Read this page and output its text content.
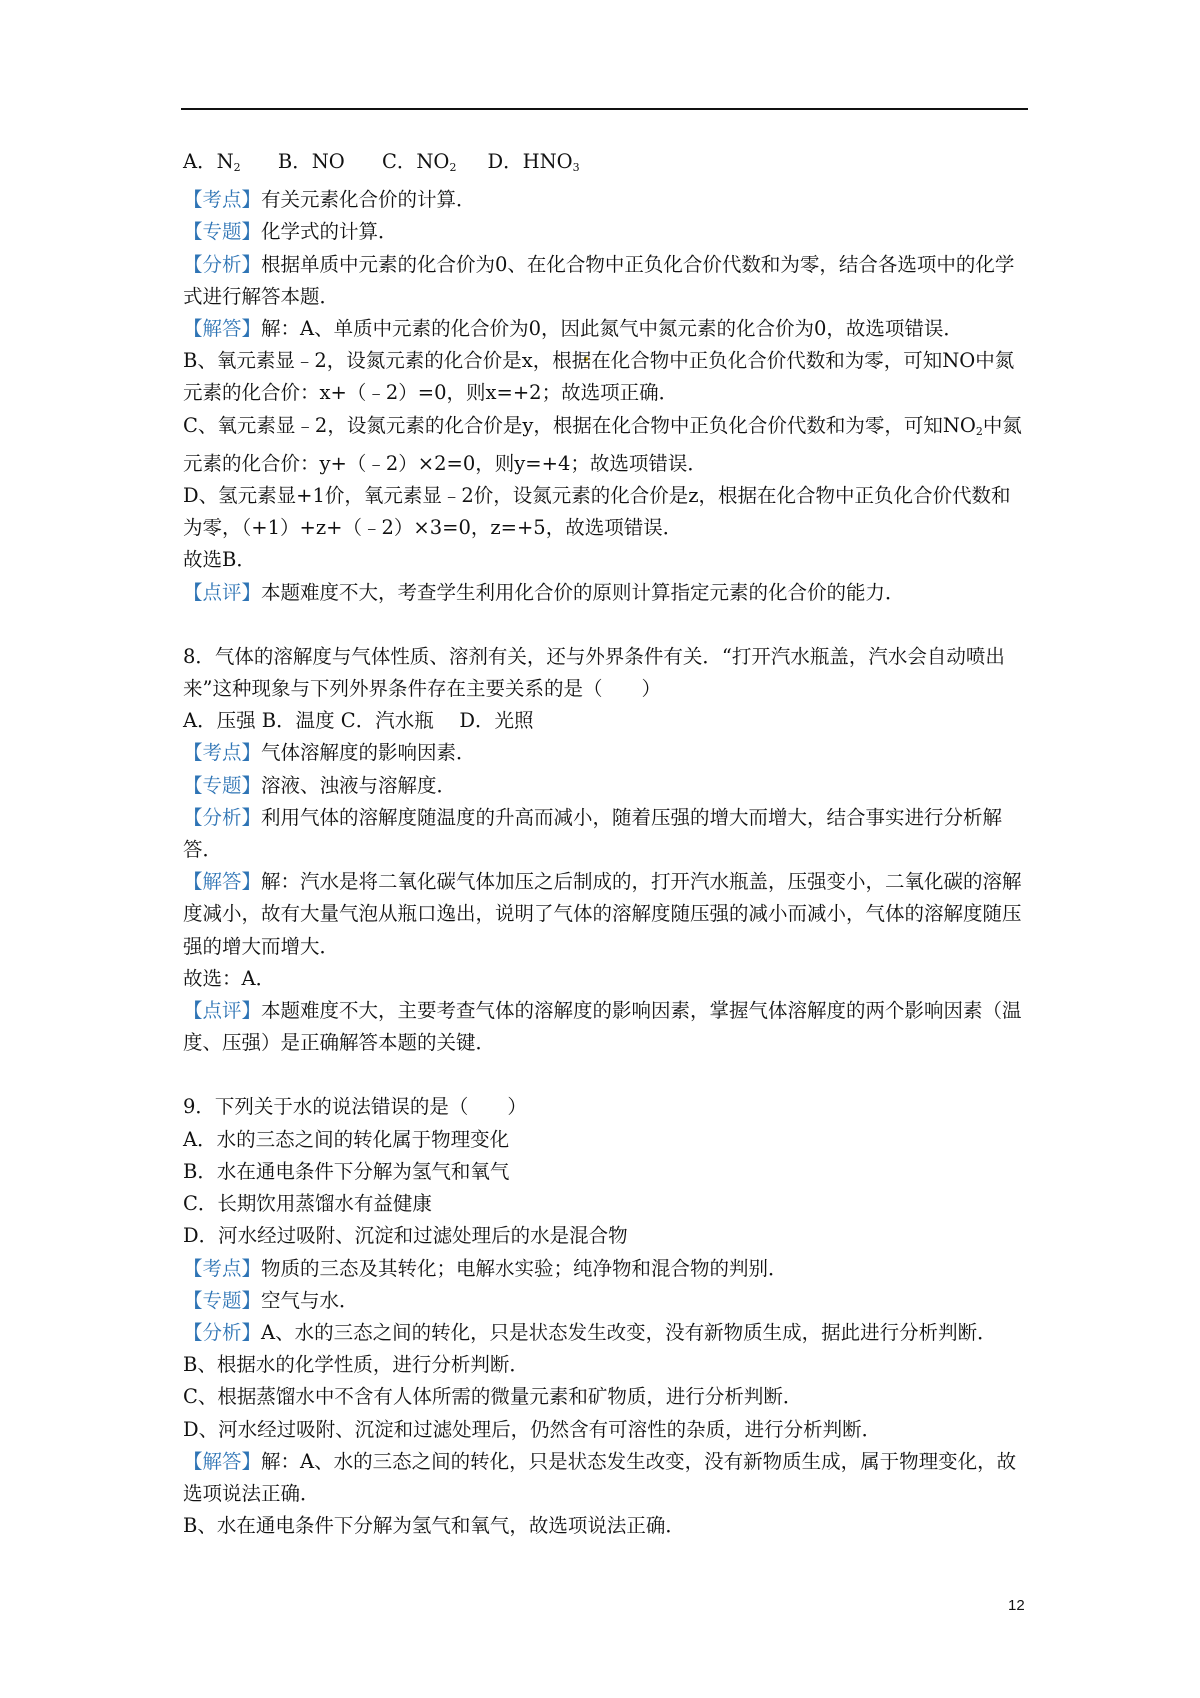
A．N2 B．NO C．NO2 D．HNO3

【考点】有关元素化合价的计算．

【专题】化学式的计算．

【分析】根据单质中元素的化合价为0、在化合物中正负化合价代数和为零，结合各选项中的化学式进行解答本题．

【解答】解：A、单质中元素的化合价为0，因此氮气中氮元素的化合价为0，故选项错误．

B、氧元素显﹣2，设氮元素的化合价是x，根据在化合物中正负化合价代数和为零，可知NO中氮元素的化合价：x+（﹣2）=0，则x=+2；故选项正确．

C、氧元素显﹣2，设氮元素的化合价是y，根据在化合物中正负化合价代数和为零，可知$NO_2$中氮元素的化合价：y+（﹣2）×2=0，则y=+4；故选项错误．

D、氢元素显+1价，氧元素显﹣2价，设氮元素的化合价是z，根据在化合物中正负化合价代数和为零，（+1）+z+（﹣2）×3=0，z=+5，故选项错误．

故选B．

【点评】本题难度不大，考查学生利用化合价的原则计算指定元素的化合价的能力．

8．气体的溶解度与气体性质、溶剂有关，还与外界条件有关．“打开汽水瓶盖，汽水会自动喷出来”这种现象与下列外界条件存在主要关系的是（　　）

A．压强 B．温度 C．汽水瓶　 D．光照

【考点】气体溶解度的影响因素．

【专题】溶液、浊液与溶解度．

【分析】利用气体的溶解度随温度的升高而减小，随着压强的增大而增大，结合事实进行分析解答．

【解答】解：汽水是将二氧化碳气体加压之后制成的，打开汽水瓶盖，压强变小，二氧化碳的溶解度减小，故有大量气泡从瓶口逸出，说明了气体的溶解度随压强的减小而减小，气体的溶解度随压强的增大而增大．

故选：A．

【点评】本题难度不大，主要考查气体的溶解度的影响因素，掌握气体溶解度的两个影响因素（温度、压强）是正确解答本题的关键．

9．下列关于水的说法错误的是（　　）

A．水的三态之间的转化属于物理变化

B．水在通电条件下分解为氢气和氧气

C．长期饮用蒸馏水有益健康

D．河水经过吸附、沉淀和过滤处理后的水是混合物

【考点】物质的三态及其转化；电解水实验；纯净物和混合物的判别．

【专题】空气与水．

【分析】A、水的三态之间的转化，只是状态发生改变，没有新物质生成，据此进行分析判断．

B、根据水的化学性质，进行分析判断．

C、根据蒸馏水中不含有人体所需的微量元素和矿物质，进行分析判断．

D、河水经过吸附、沉淀和过滤处理后，仍然含有可溶性的杂质，进行分析判断．

【解答】解：A、水的三态之间的转化，只是状态发生改变，没有新物质生成，属于物理变化，故选项说法正确．

B、水在通电条件下分解为氢气和氧气，故选项说法正确．

12
